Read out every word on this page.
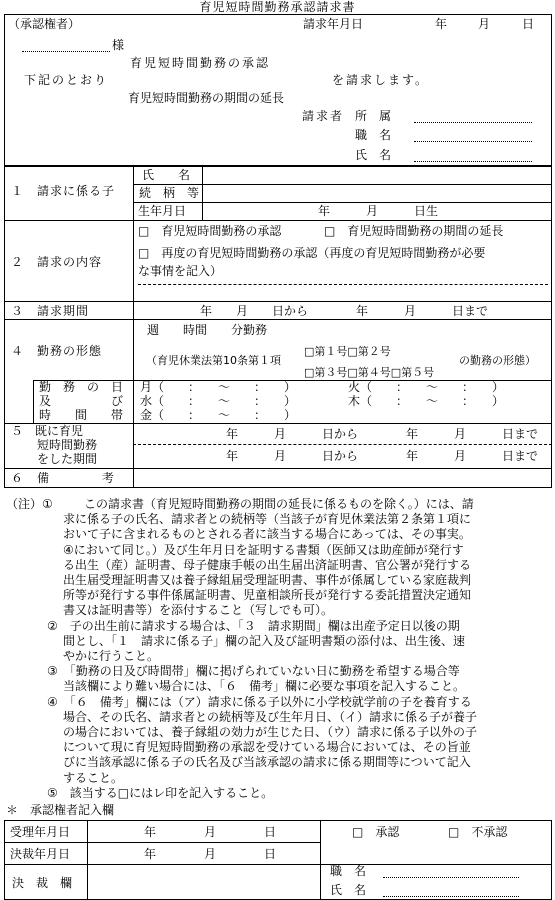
育児短時間勤務承認請求書
（承認権者）	請求年月日	年	月	日
様
育児短時間勤務の承認
下記のとおり	を請求します。
育児短時間勤務の期間の延長
請求者 所　属
職　名
氏　名
１　請求に係る子
氏　　名
続　柄　等
生年月日	年　　　月　　　日生
２　請求の内容
□　育児短時間勤務の承認	□　育児短時間勤務の期間の延長
□　再度の育児短時間勤務の承認（再度の育児短時間勤務が必要
な事情を記入）
３　請求期間	年　　月　　日から　　　　年　　　月　　　日まで
４　勤務の形態
週　　時間　　分勤務
（育児休業法第10条第１項
□第１号□第２号
□第３号□第４号□第５号
の勤務の形態）
勤　務　の　日
及　　　　　び
時　　間　　帯
月（　　：　　～　　：　　）	火（　　：　　～　　：　　）
水（　　：　　～　　：　　）	木（　　：　　～　　：　　）
金（　　：　　～　　：　　）
５　既に育児
短時間勤務
をした期間
年　　　月　　　日から　　　　年　　　月　　　日まで
年　　　月　　　日から　　　　年　　　月　　　日まで
６　備　　　　考
（注）①	この請求書（育児短時間勤務の期間の延長に係るものを除く。）には、請
求に係る子の氏名、請求者との続柄等（当該子が育児休業法第２条第１項に
おいて子に含まれるものとされる者に該当する場合にあっては、その事実。
④において同じ。）及び生年月日を証明する書類（医師又は助産師が発行す
る出生（産）証明書、母子健康手帳の出生届出済証明書、官公署が発行する
出生届受理証明書又は養子縁組届受理証明書、事件が係属している家庭裁判
所等が発行する事件係属証明書、児童相談所長が発行する委託措置決定通知
書又は証明書等）を添付すること（写しでも可）。
②　子の出生前に請求する場合は、「３　請求期間」欄は出産予定日以後の期
間とし、「１　請求に係る子」欄の記入及び証明書類の添付は、出生後、速
やかに行うこと。
③　「勤務の日及び時間帯」欄に掲げられていない日に勤務を希望する場合等
当該欄により難い場合には、「６　備考」欄に必要な事項を記入すること。
④　「６　備考」欄には（ア）請求に係る子以外に小学校就学前の子を養育する
場合、その氏名、請求者との続柄等及び生年月日、（イ）請求に係る子が養子
の場合においては、養子縁組の効力が生じた日、（ウ）請求に係る子以外の子
について現に育児短時間勤務の承認を受けている場合においては、その旨並
びに当該承認に係る子の氏名及び当該承認の請求に係る期間等について記入
すること。
⑤　該当する□にはレ印を記入すること。
＊　承認権者記入欄
受理年月日	年　　　　月　　　　日
決裁年月日	年　　　　月　　　　日
決　裁　欄
□　承認	□　不承認
職　名
氏　名
